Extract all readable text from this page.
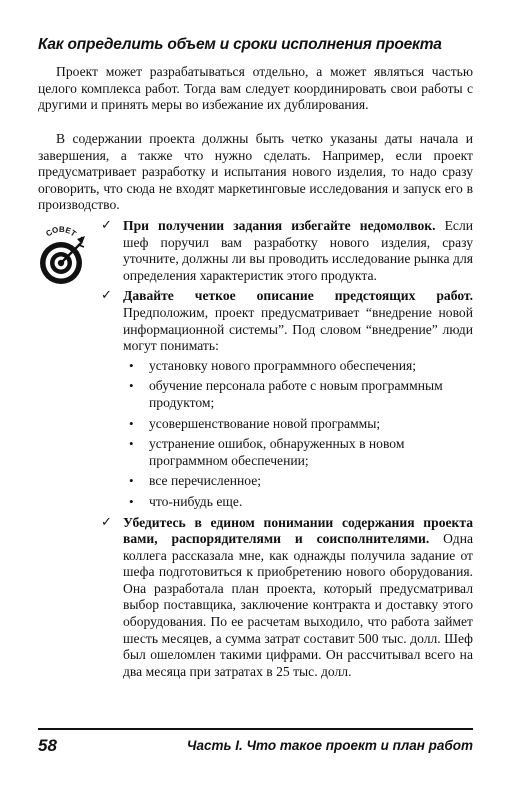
Как определить объем и сроки исполнения проекта

Проект может разрабатываться отдельно, а может являться частью целого комплекса работ. Тогда вам следует координировать свои работы с другими и принять меры во избежание их дублирования.

В содержании проекта должны быть четко указаны даты начала и завершения, а также что нужно сделать. Например, если проект предусматривает разработку и испытания нового изделия, то надо сразу оговорить, что сюда не входят маркетинговые исследования и запуск его в производство.

СОВЕТ
✓ При получении задания избегайте недомолвок. Если шеф поручил вам разработку нового изделия, сразу уточните, должны ли вы проводить исследование рынка для определения характеристик этого продукта.
✓ Давайте четкое описание предстоящих работ. Предположим, проект предусматривает “внедрение новой информационной системы”. Под словом “внедрение” люди могут понимать:
• установку нового программного обеспечения;
• обучение персонала работе с новым программным продуктом;
• усовершенствование новой программы;
• устранение ошибок, обнаруженных в новом программном обеспечении;
• все перечисленное;
• что-нибудь еще.
✓ Убедитесь в едином понимании содержания проекта вами, распорядителями и соисполнителями. Одна коллега рассказала мне, как однажды получила задание от шефа подготовиться к приобретению нового оборудования. Она разработала план проекта, который предусматривал выбор поставщика, заключение контракта и доставку этого оборудования. По ее расчетам выходило, что работа займет шесть месяцев, а сумма затрат составит 500 тыс. долл. Шеф был ошеломлен такими цифрами. Он рассчитывал всего на два месяца при затратах в 25 тыс. долл.
58	Часть I. Что такое проект и план работ
